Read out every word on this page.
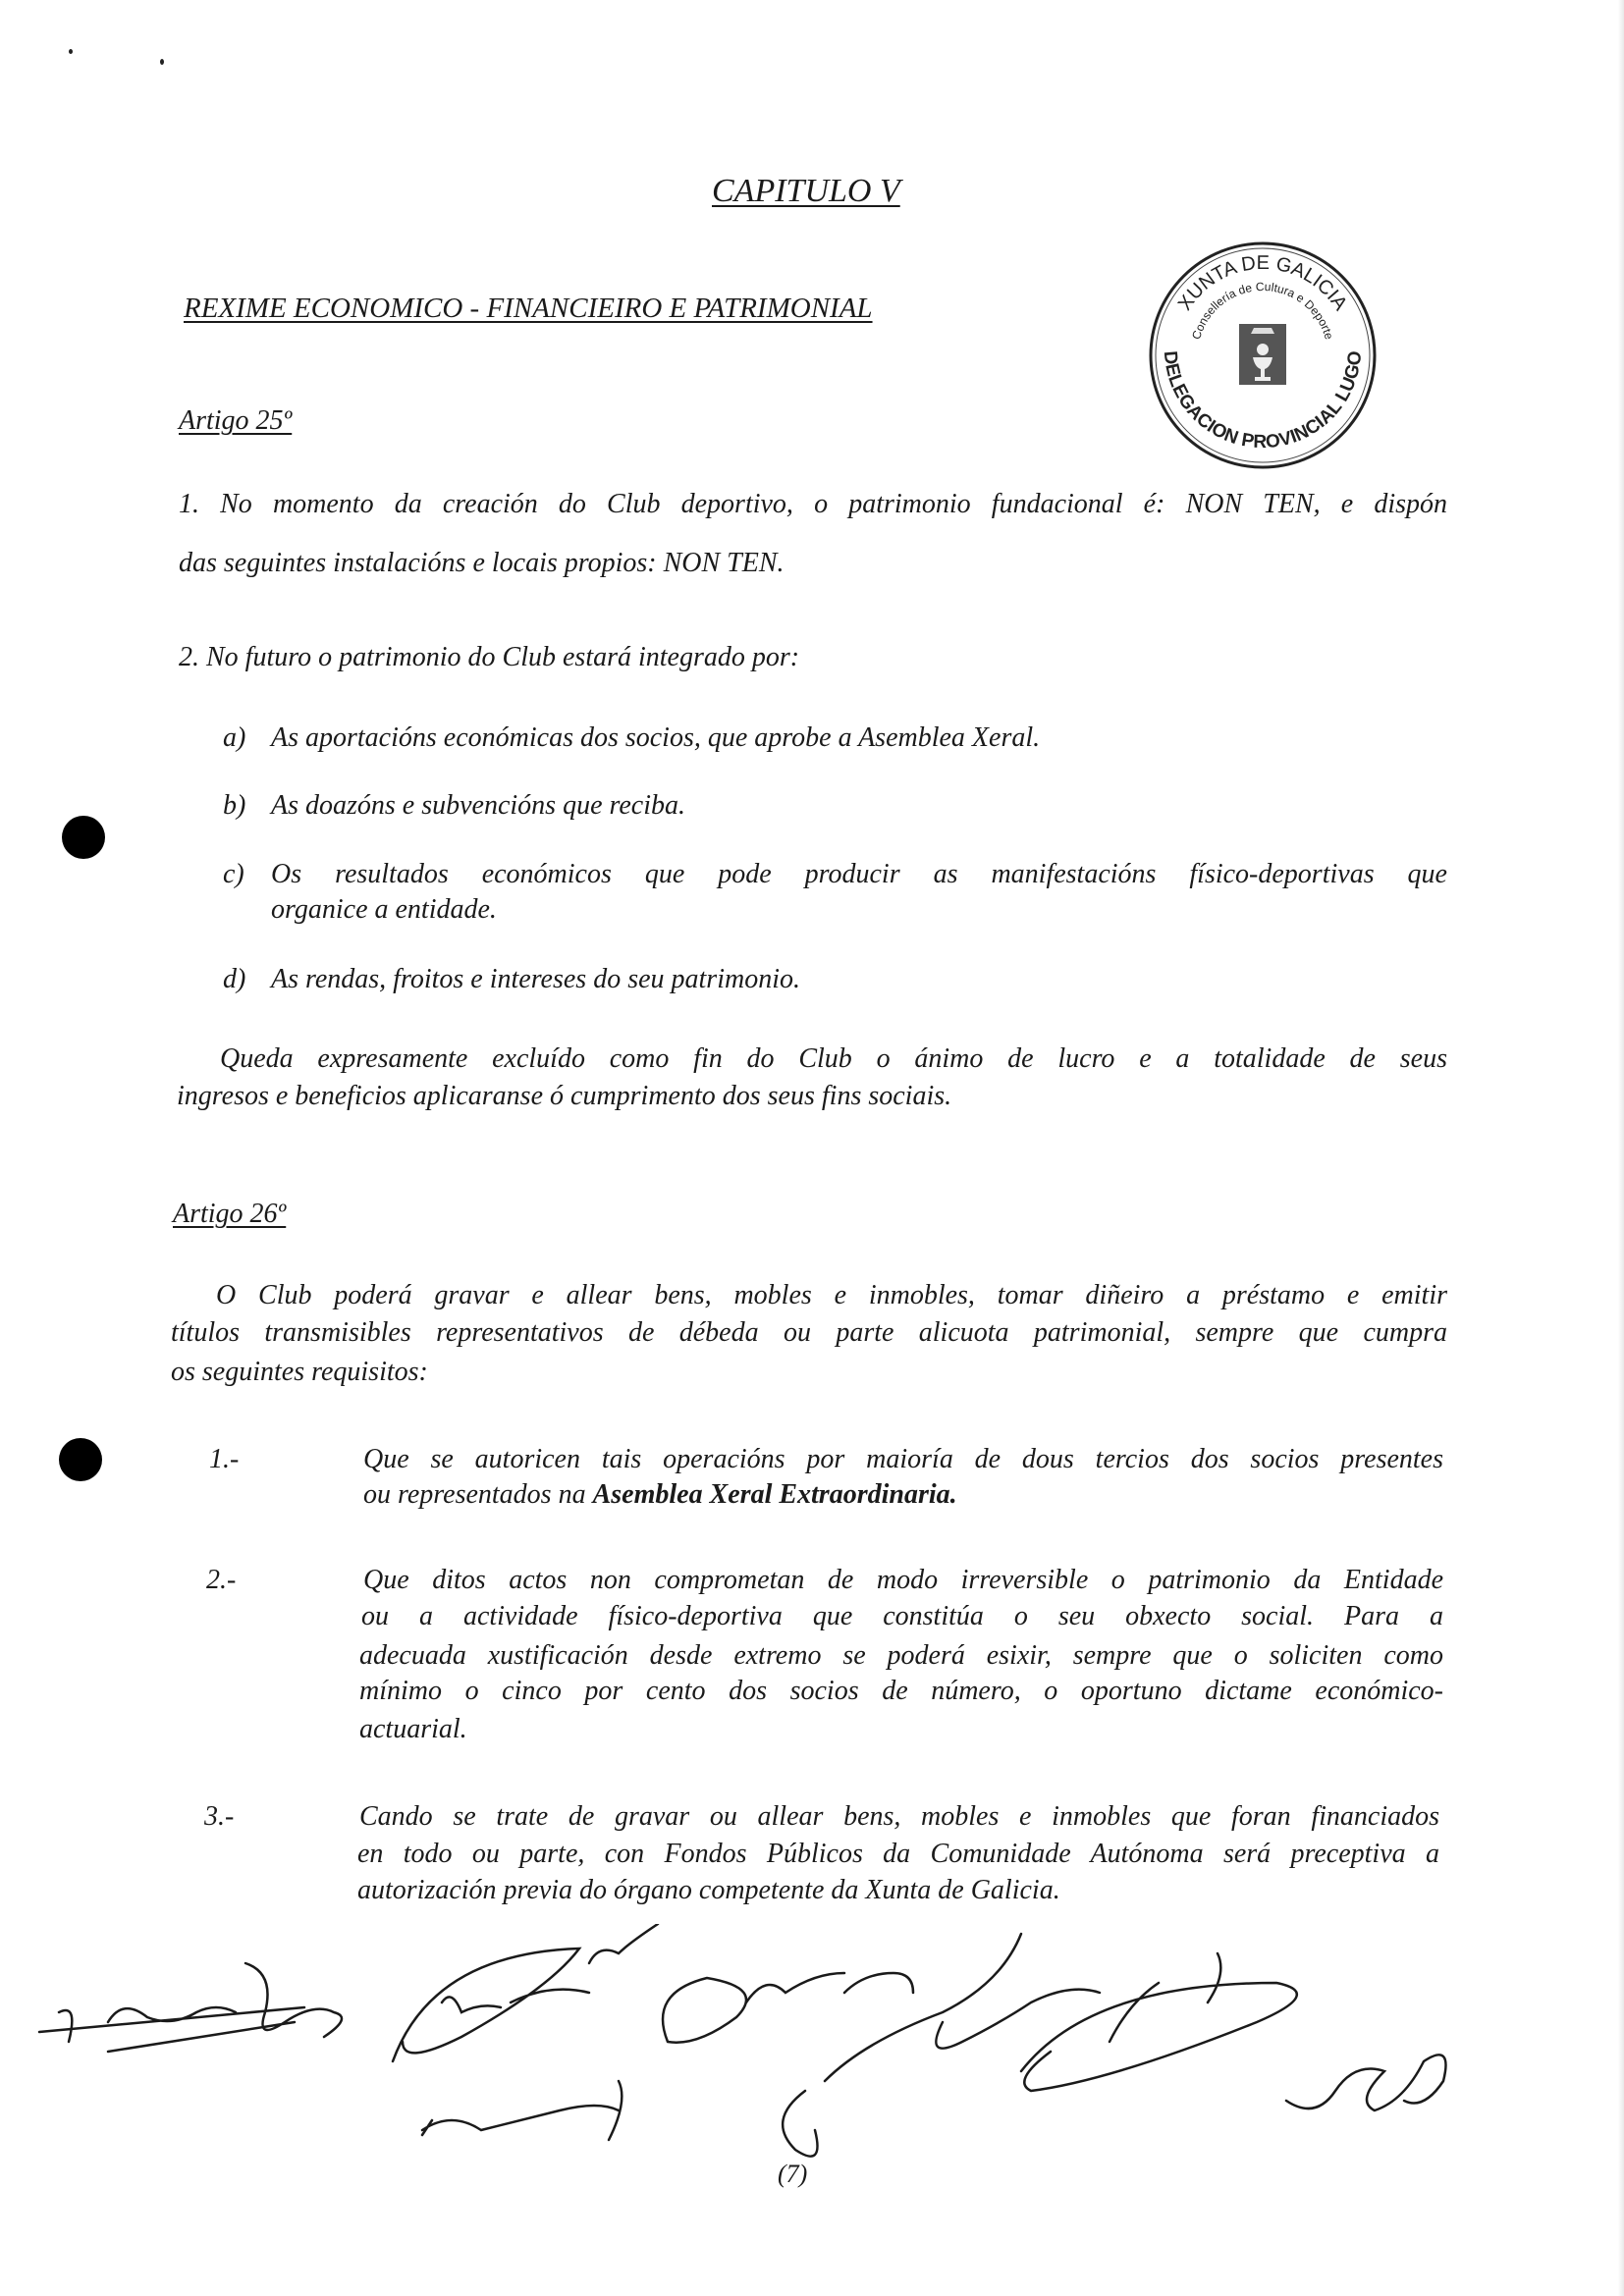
CAPITULO V
REXIME ECONOMICO - FINANCIEIRO E PATRIMONIAL	XUNTA DE GALICIA
Consellería de Cultura e Deporte
DELEGACION PROVINCIAL LUGO
Artigo 25º
1. No momento da creación do Club deportivo, o patrimonio fundacional é: NON TEN, e dispón
das seguintes instalacións e locais propios: NON TEN.
2. No futuro o patrimonio do Club estará integrado por:
a) As aportacións económicas dos socios, que aprobe a Asemblea Xeral.
b) As doazóns e subvencións que reciba.
c) Os resultados económicos que pode producir as manifestacións físico-deportivas que
organice a entidade.
d) As rendas, froitos e intereses do seu patrimonio.
Queda expresamente excluído como fin do Club o ánimo de lucro e a totalidade de seus
ingresos e beneficios aplicaranse ó cumprimento dos seus fins sociais.
Artigo 26º
O Club poderá gravar e allear bens, mobles e inmobles, tomar diñeiro a préstamo e emitir
títulos transmisibles representativos de débeda ou parte alicuota patrimonial, sempre que cumpra
os seguintes requisitos:
1.-	Que se autoricen tais operacións por maioría de dous tercios dos socios presentes
ou representados na Asemblea Xeral Extraordinaria.
2.-	Que ditos actos non comprometan de modo irreversible o patrimonio da Entidade
ou a actividade físico-deportiva que constitúa o seu obxecto social. Para a
adecuada xustificación desde extremo se poderá esixir, sempre que o soliciten como
mínimo o cinco por cento dos socios de número, o oportuno dictame económico-
actuarial.
3.-	Cando se trate de gravar ou allear bens, mobles e inmobles que foran financiados
en todo ou parte, con Fondos Públicos da Comunidade Autónoma será preceptiva a
autorización previa do órgano competente da Xunta de Galicia.
(7)
